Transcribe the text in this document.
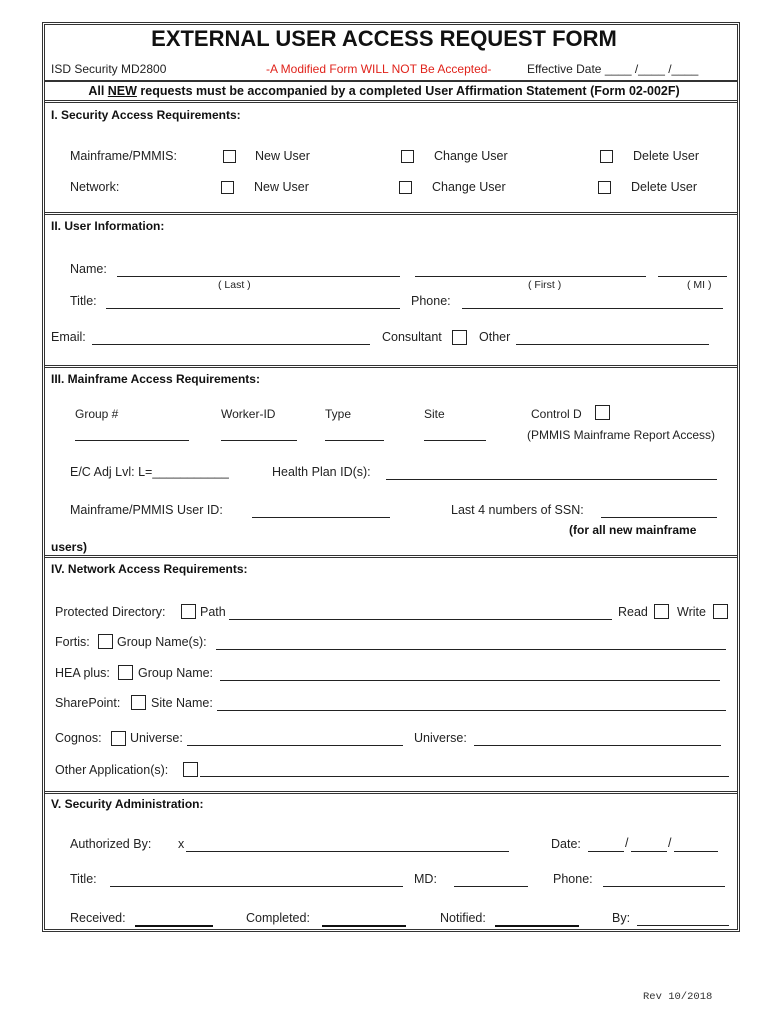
EXTERNAL USER ACCESS REQUEST FORM
ISD Security MD2800	-A Modified Form WILL NOT Be Accepted-	Effective Date ____ /____ /____
All NEW requests must be accompanied by a completed User Affirmation Statement (Form 02-002F)
I. Security Access Requirements:
Mainframe/PMMIS:	New User	Change User	Delete User
Network:	New User	Change User	Delete User
II. User Information:
Name:
( Last )	( First )	( MI )
Title:	Phone:
Email:	Consultant	Other
III. Mainframe Access Requirements:
Group #	Worker-ID	Type	Site	Control D
(PMMIS Mainframe Report Access)
E/C Adj Lvl: L=___________	Health Plan ID(s):
Mainframe/PMMIS User ID:	Last 4 numbers of SSN:
(for all new mainframe
users)
IV. Network Access Requirements:
Protected Directory:	Path	Read Write
Fortis: Group Name(s):
HEA plus: Group Name:
SharePoint: Site Name:
Cognos: Universe:	Universe:
Other Application(s):
V. Security Administration:
Authorized By: x	Date:	/	/
Title:	MD:	Phone:
Received:	Completed:	Notified:	By:
Rev 10/2018
